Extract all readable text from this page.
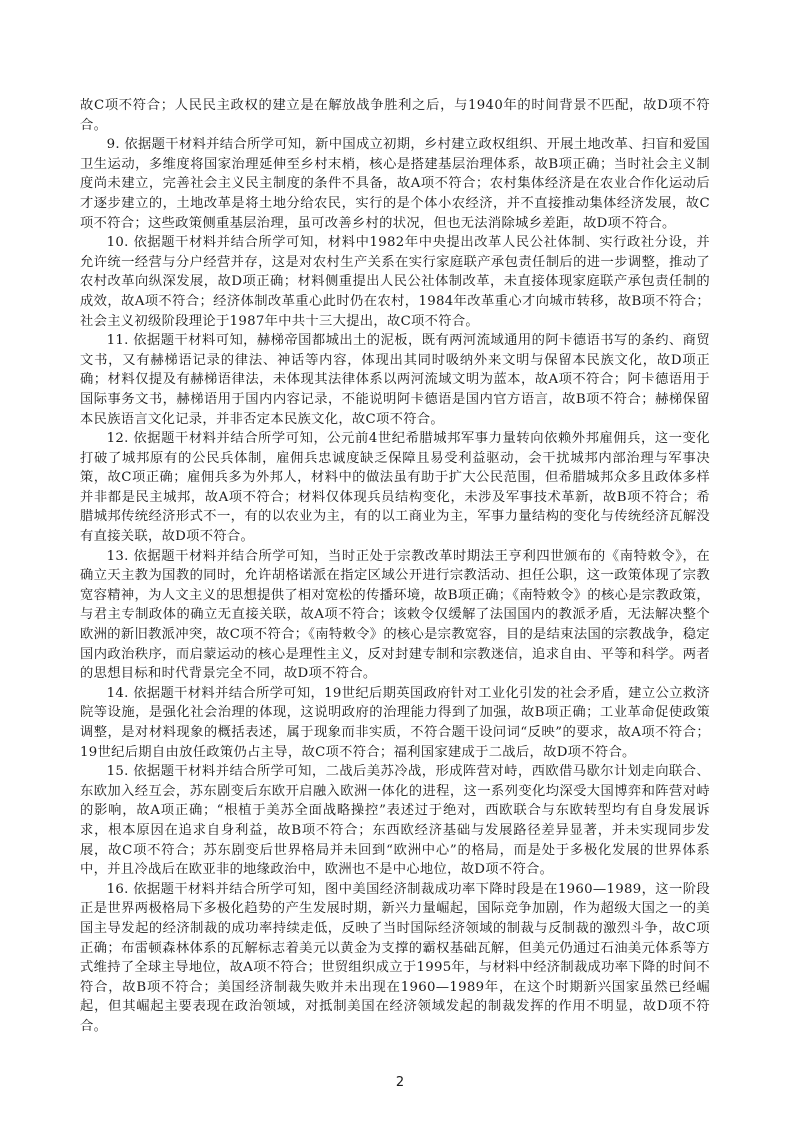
故C项不符合；人民民主政权的建立是在解放战争胜利之后，与1940年的时间背景不匹配，故D项不符合。

9. 依据题干材料并结合所学可知，新中国成立初期，乡村建立政权组织、开展土地改革、扫盲和爱国卫生运动，多维度将国家治理延伸至乡村末梢，核心是搭建基层治理体系，故B项正确；当时社会主义制度尚未建立，完善社会主义民主制度的条件不具备，故A项不符合；农村集体经济是在农业合作化运动后才逐步建立的，土地改革是将土地分给农民，实行的是个体小农经济，并不直接推动集体经济发展，故C项不符合；这些政策侧重基层治理，虽可改善乡村的状况，但也无法消除城乡差距，故D项不符合。

10. 依据题干材料并结合所学可知，材料中1982年中央提出改革人民公社体制、实行政社分设，并允许统一经营与分户经营并存，这是对农村生产关系在实行家庭联产承包责任制后的进一步调整，推动了农村改革向纵深发展，故D项正确；材料侧重提出人民公社体制改革，未直接体现家庭联产承包责任制的成效，故A项不符合；经济体制改革重心此时仍在农村，1984年改革重心才向城市转移，故B项不符合；社会主义初级阶段理论于1987年中共十三大提出，故C项不符合。

11. 依据题干材料可知，赫梯帝国都城出土的泥板，既有两河流域通用的阿卡德语书写的条约、商贸文书，又有赫梯语记录的律法、神话等内容，体现出其同时吸纳外来文明与保留本民族文化，故D项正确；材料仅提及有赫梯语律法，未体现其法律体系以两河流域文明为蓝本，故A项不符合；阿卡德语用于国际事务文书，赫梯语用于国内内容记录，不能说明阿卡德语是国内官方语言，故B项不符合；赫梯保留本民族语言文化记录，并非否定本民族文化，故C项不符合。

12. 依据题干材料并结合所学可知，公元前4世纪希腊城邦军事力量转向依赖外邦雇佣兵，这一变化打破了城邦原有的公民兵体制，雇佣兵忠诚度缺乏保障且易受利益驱动，会干扰城邦内部治理与军事决策，故C项正确；雇佣兵多为外邦人，材料中的做法虽有助于扩大公民范围，但希腊城邦众多且政体多样并非都是民主城邦，故A项不符合；材料仅体现兵员结构变化，未涉及军事技术革新，故B项不符合；希腊城邦传统经济形式不一，有的以农业为主，有的以工商业为主，军事力量结构的变化与传统经济瓦解没有直接关联，故D项不符合。

13. 依据题干材料并结合所学可知，当时正处于宗教改革时期法王亨利四世颁布的《南特敕令》，在确立天主教为国教的同时，允许胡格诺派在指定区域公开进行宗教活动、担任公职，这一政策体现了宗教宽容精神，为人文主义的思想提供了相对宽松的传播环境，故B项正确；《南特敕令》的核心是宗教政策，与君主专制政体的确立无直接关联，故A项不符合；该敕令仅缓解了法国国内的教派矛盾，无法解决整个欧洲的新旧教派冲突，故C项不符合；《南特敕令》的核心是宗教宽容，目的是结束法国的宗教战争，稳定国内政治秩序，而启蒙运动的核心是理性主义，反对封建专制和宗教迷信，追求自由、平等和科学。两者的思想目标和时代背景完全不同，故D项不符合。

14. 依据题干材料并结合所学可知，19世纪后期英国政府针对工业化引发的社会矛盾，建立公立救济院等设施，是强化社会治理的体现，这说明政府的治理能力得到了加强，故B项正确；工业革命促使政策调整，是对材料现象的概括表述，属于现象而非实质，不符合题干设问词“反映”的要求，故A项不符合；19世纪后期自由放任政策仍占主导，故C项不符合；福利国家建成于二战后，故D项不符合。

15. 依据题干材料并结合所学可知，二战后美苏冷战，形成阵营对峙，西欧借马歇尔计划走向联合、东欧加入经互会，苏东剧变后东欧开启融入欧洲一体化的进程，这一系列变化均深受大国博弈和阵营对峙的影响，故A项正确；“根植于美苏全面战略操控”表述过于绝对，西欧联合与东欧转型均有自身发展诉求，根本原因在追求自身利益，故B项不符合；东西欧经济基础与发展路径差异显著，并未实现同步发展，故C项不符合；苏东剧变后世界格局并未回到“欧洲中心”的格局，而是处于多极化发展的世界体系中，并且冷战后在欧亚非的地缘政治中，欧洲也不是中心地位，故D项不符合。

16. 依据题干材料并结合所学可知，图中美国经济制裁成功率下降时段是在1960—1989，这一阶段正是世界两极格局下多极化趋势的产生发展时期，新兴力量崛起，国际竞争加剧，作为超级大国之一的美国主导发起的经济制裁的成功率持续走低，反映了当时国际经济领域的制裁与反制裁的激烈斗争，故C项正确；布雷顿森林体系的瓦解标志着美元以黄金为支撑的霸权基础瓦解，但美元仍通过石油美元体系等方式维持了全球主导地位，故A项不符合；世贸组织成立于1995年，与材料中经济制裁成功率下降的时间不符合，故B项不符合；美国经济制裁失败并未出现在1960—1989年，在这个时期新兴国家虽然已经崛起，但其崛起主要表现在政治领域，对抵制美国在经济领域发起的制裁发挥的作用不明显，故D项不符合。

2
